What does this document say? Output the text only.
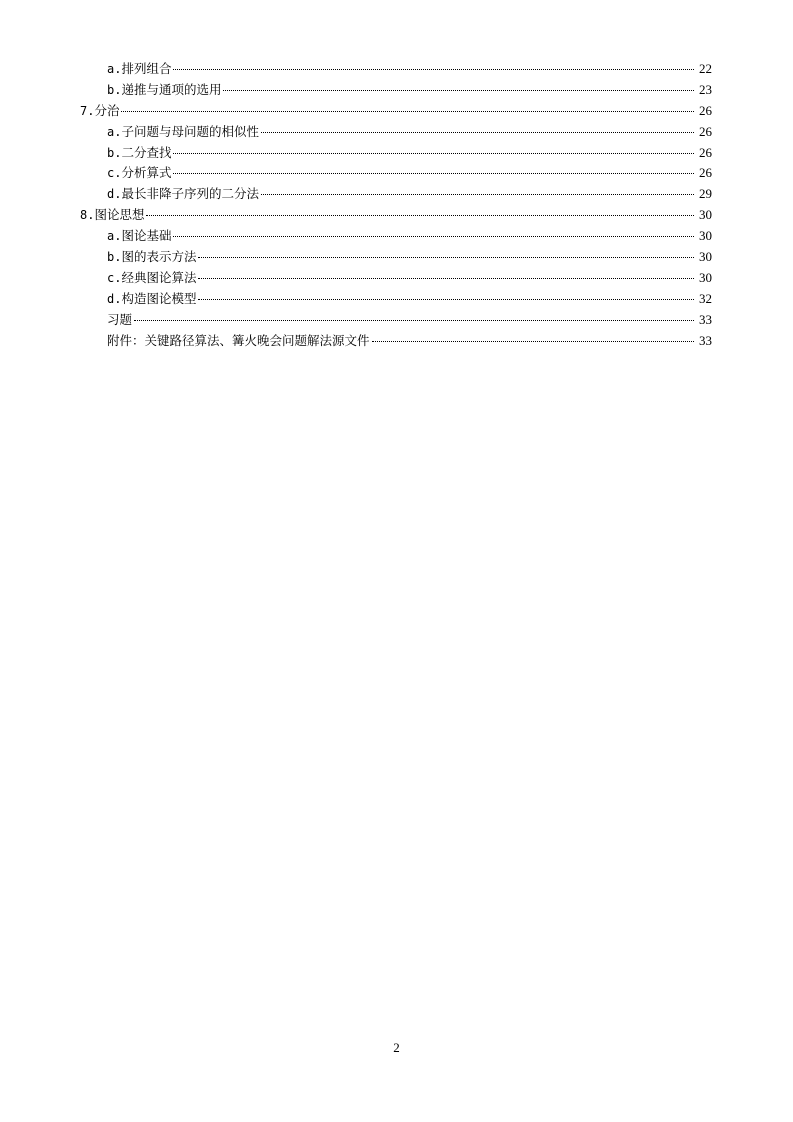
a.排列组合	22
b.递推与通项的选用	23
7.分治	26
a.子问题与母问题的相似性	26
b.二分查找	26
c.分析算式	26
d.最长非降子序列的二分法	29
8.图论思想	30
a.图论基础	30
b.图的表示方法	30
c.经典图论算法	30
d.构造图论模型	32
习题	33
附件：关键路径算法、篝火晚会问题解法源文件	33
2
